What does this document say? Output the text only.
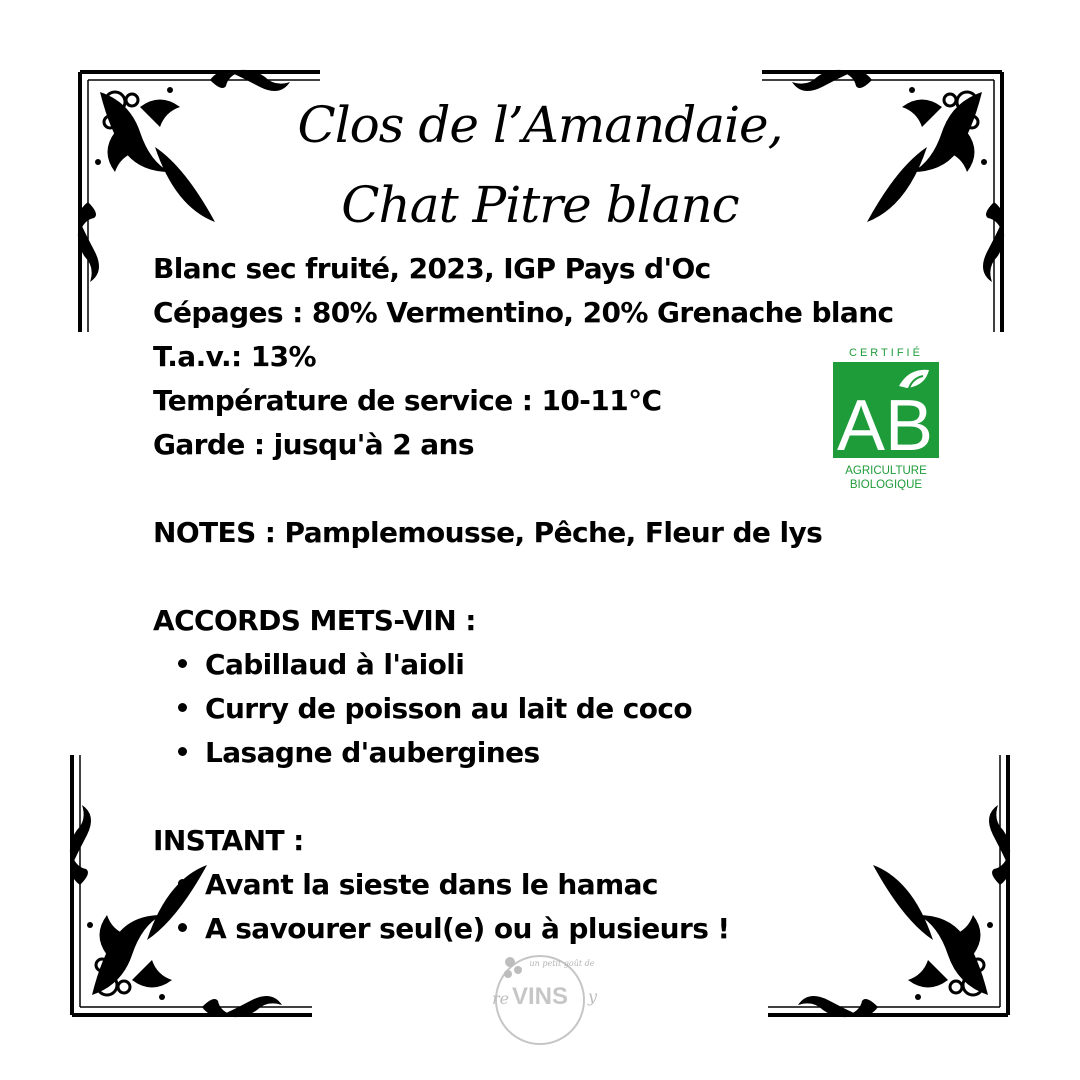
Clos de l’Amandaie,
Chat Pitre blanc
Blanc sec fruité, 2023, IGP Pays d'Oc
Cépages : 80% Vermentino, 20% Grenache blanc
T.a.v.: 13%
Température de service : 10-11°C
Garde : jusqu'à 2 ans
NOTES : Pamplemousse, Pêche, Fleur de lys
ACCORDS METS-VIN :
Cabillaud à l'aioli
Curry de poisson au lait de coco
Lasagne d'aubergines
INSTANT :
Avant la sieste dans le hamac
A savourer seul(e) ou à plusieurs !
CERTIFIÉ
AB
AGRICULTURE
BIOLOGIQUE
un petit goût de
re VINS y
